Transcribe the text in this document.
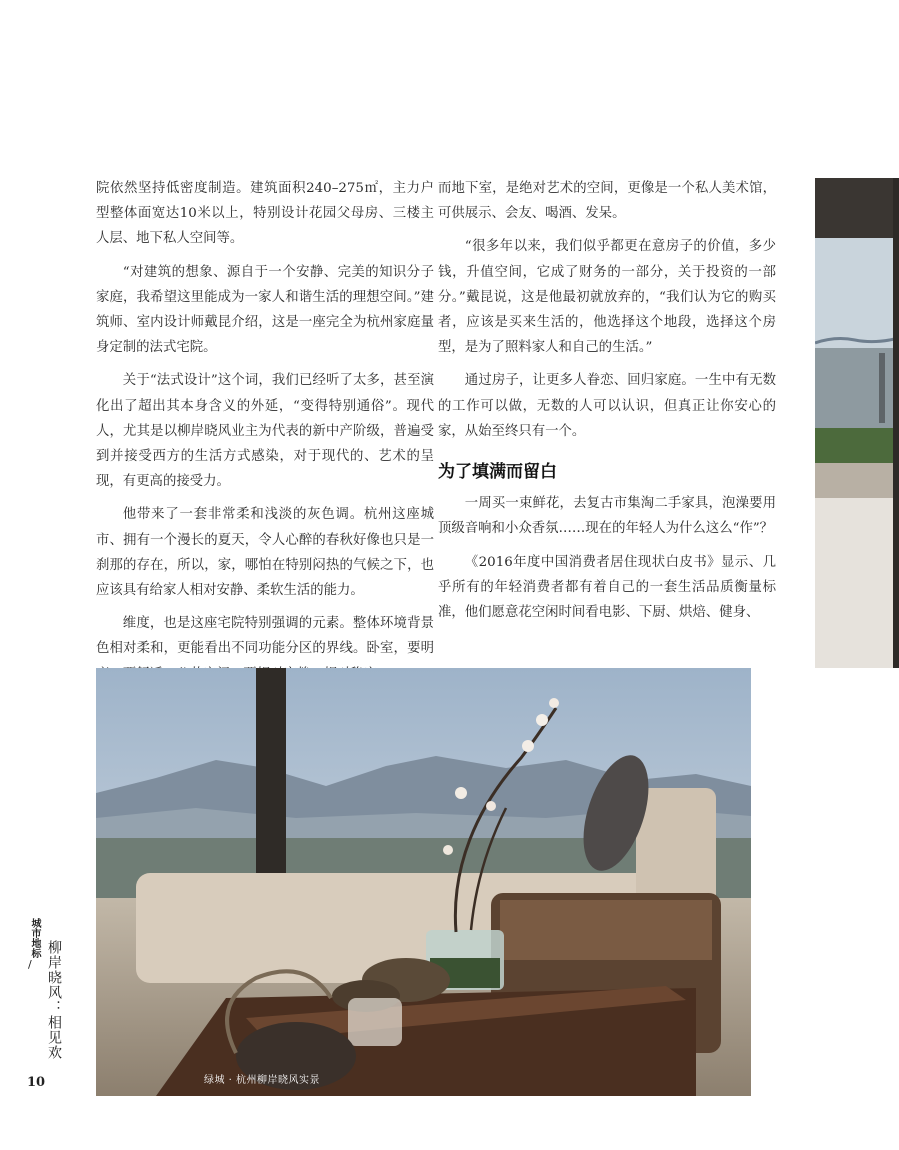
院依然坚持低密度制造。建筑面积240–275㎡，主力户型整体面宽达10米以上，特别设计花园父母房、三楼主人层、地下私人空间等。

“对建筑的想象、源自于一个安静、完美的知识分子家庭，我希望这里能成为一家人和谐生活的理想空间。”建筑师、室内设计师戴昆介绍，这是一座完全为杭州家庭量身定制的法式宅院。

关于“法式设计”这个词，我们已经听了太多，甚至演化出了超出其本身含义的外延，“变得特别通俗”。现代人，尤其是以柳岸晓风业主为代表的新中产阶级，普遍受到并接受西方的生活方式感染，对于现代的、艺术的呈现，有更高的接受力。

他带来了一套非常柔和浅淡的灰色调。杭州这座城市、拥有一个漫长的夏天，令人心醉的春秋好像也只是一刹那的存在，所以，家，哪怕在特别闷热的气候之下，也应该具有给家人相对安静、柔软生活的能力。

维度，也是这座宅院特别强调的元素。整体环境背景色相对柔和，更能看出不同功能分区的界线。卧室，要明

而地下室，是绝对艺术的空间，更像是一个私人美术馆，可供展示、会友、喝酒、发呆。

“很多年以来，我们似乎都更在意房子的价值，多少钱，升值空间，它成了财务的一部分，关于投资的一部分。”戴昆说，这是他最初就放弃的，“我们认为它的购买者，应该是买来生活的，他选择这个地段，选择这个房型，是为了照料家人和自己的生活。”

通过房子，让更多人眷恋、回归家庭。一生中有无数的工作可以做，无数的人可以认识，但真正让你安心的家，从始至终只有一个。

为了填满而留白

一周买一束鲜花，去复古市集淘二手家具，泡澡要用顶级音响和小众香氛……现在的年轻人为什么这么“作”？

《2016年度中国消费者居住现状白皮书》显示、几乎所有的年轻消费者都有着自己的一套生活品质衡量标准，他们愿意花空闲时间看电影、下厨、烘焙、健身、

绿城 · 杭州柳岸晓风实景
城市地标
/ 柳岸晓风：相见欢
10
